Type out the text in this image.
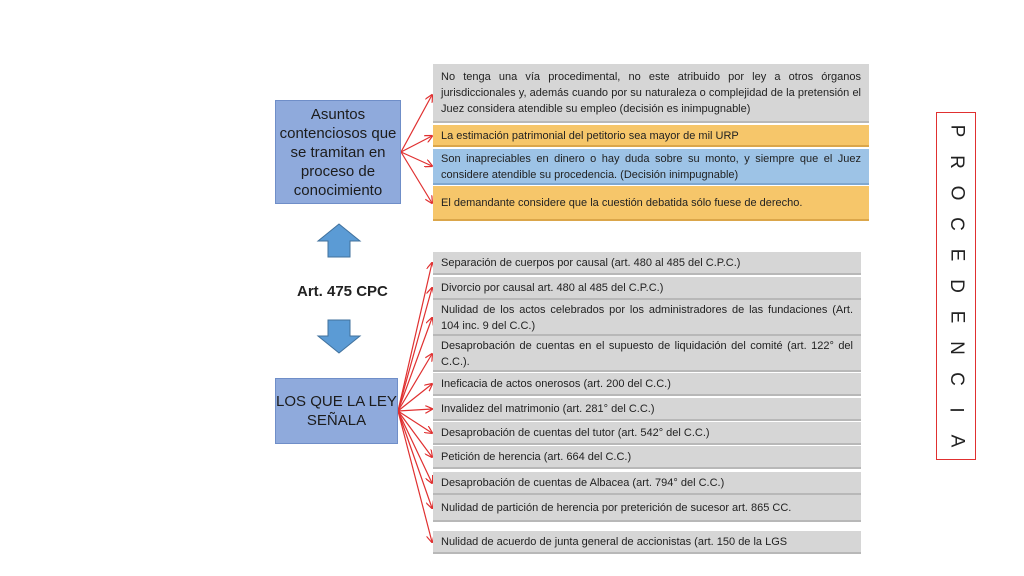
Asuntos contenciosos que se tramitan en proceso de conocimiento
Art. 475 CPC
LOS QUE LA LEY SEÑALA
No tenga una vía procedimental, no este atribuido por ley a otros órganos jurisdiccionales y, además cuando por su naturaleza o complejidad de la pretensión el Juez considera atendible su empleo (decisión es inimpugnable)
La estimación patrimonial del petitorio sea mayor de mil URP
Son inapreciables en dinero o hay duda sobre su monto, y siempre que el Juez considere atendible su procedencia. (Decisión inimpugnable)
El demandante considere que la cuestión debatida sólo fuese de derecho.
Separación de cuerpos por causal (art. 480 al 485 del C.P.C.)
Divorcio por causal art. 480 al 485 del C.P.C.)
Nulidad de los actos celebrados por los administradores de las fundaciones (Art. 104 inc. 9 del C.C.)
Desaprobación de cuentas en el supuesto de liquidación del comité (art. 122° del C.C.).
Ineficacia de actos onerosos (art. 200 del C.C.)
Invalidez del matrimonio (art. 281° del C.C.)
Desaprobación de cuentas del tutor (art. 542° del C.C.)
Petición de herencia (art. 664 del C.C.)
Desaprobación de cuentas de Albacea (art. 794° del C.C.)
Nulidad de partición de herencia por preterición de sucesor art. 865 CC.
Nulidad de acuerdo de junta general de accionistas (art. 150 de la LGS
P
R
O
C
E
D
E
N
C
I
A
